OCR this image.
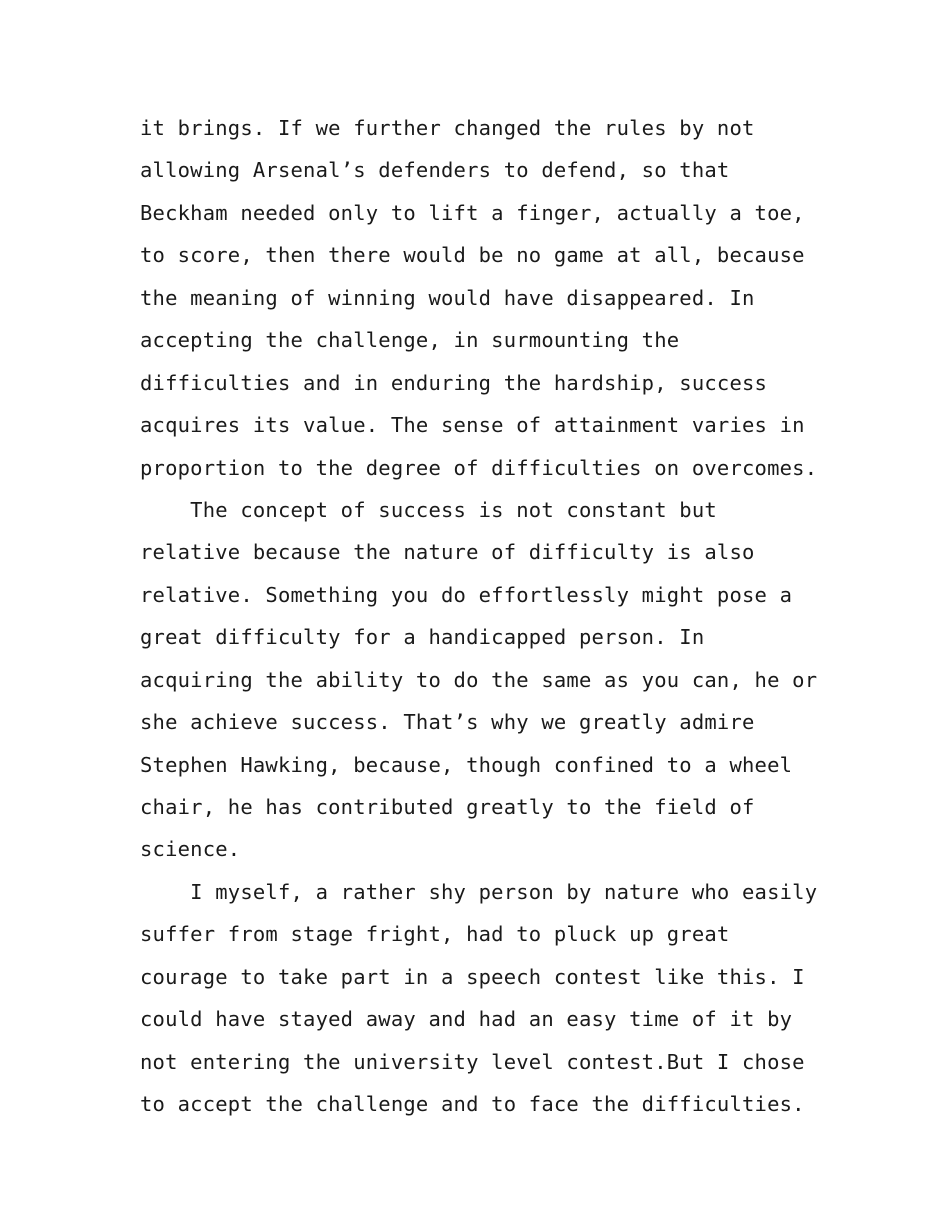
it brings. If we further changed the rules by not
allowing Arsenal’s defenders to defend, so that
Beckham needed only to lift a finger, actually a toe,
to score, then there would be no game at all, because
the meaning of winning would have disappeared. In
accepting the challenge, in surmounting the
difficulties and in enduring the hardship, success
acquires its value. The sense of attainment varies in
proportion to the degree of difficulties on overcomes.
The concept of success is not constant but
relative because the nature of difficulty is also
relative. Something you do effortlessly might pose a
great difficulty for a handicapped person. In
acquiring the ability to do the same as you can, he or
she achieve success. That’s why we greatly admire
Stephen Hawking, because, though confined to a wheel
chair, he has contributed greatly to the field of
science.
I myself, a rather shy person by nature who easily
suffer from stage fright, had to pluck up great
courage to take part in a speech contest like this. I
could have stayed away and had an easy time of it by
not entering the university level contest.But I chose
to accept the challenge and to face the difficulties.
